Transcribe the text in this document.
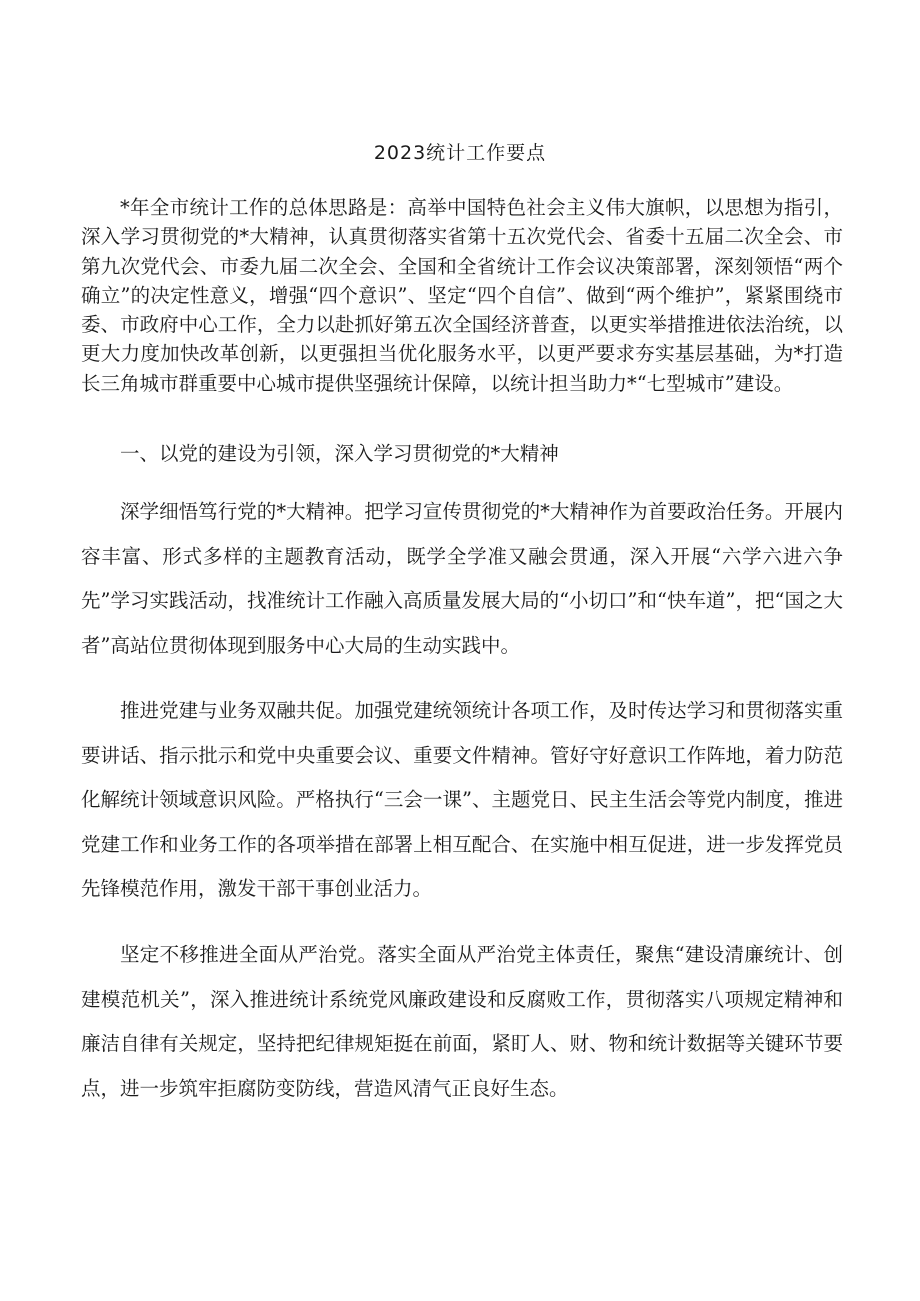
2023统计工作要点

*年全市统计工作的总体思路是：高举中国特色社会主义伟大旗帜，以思想为指引，深入学习贯彻党的*大精神，认真贯彻落实省第十五次党代会、省委十五届二次全会、市第九次党代会、市委九届二次全会、全国和全省统计工作会议决策部署，深刻领悟“两个确立”的决定性意义，增强“四个意识”、坚定“四个自信”、做到“两个维护”，紧紧围绕市委、市政府中心工作，全力以赴抓好第五次全国经济普查，以更实举措推进依法治统，以更大力度加快改革创新，以更强担当优化服务水平，以更严要求夯实基层基础，为*打造长三角城市群重要中心城市提供坚强统计保障，以统计担当助力*“七型城市”建设。

一、以党的建设为引领，深入学习贯彻党的*大精神

深学细悟笃行党的*大精神。把学习宣传贯彻党的*大精神作为首要政治任务。开展内容丰富、形式多样的主题教育活动，既学全学准又融会贯通，深入开展“六学六进六争先”学习实践活动，找准统计工作融入高质量发展大局的“小切口”和“快车道”，把“国之大者”高站位贯彻体现到服务中心大局的生动实践中。

推进党建与业务双融共促。加强党建统领统计各项工作，及时传达学习和贯彻落实重要讲话、指示批示和党中央重要会议、重要文件精神。管好守好意识工作阵地，着力防范化解统计领域意识风险。严格执行“三会一课”、主题党日、民主生活会等党内制度，推进党建工作和业务工作的各项举措在部署上相互配合、在实施中相互促进，进一步发挥党员先锋模范作用，激发干部干事创业活力。

坚定不移推进全面从严治党。落实全面从严治党主体责任，聚焦“建设清廉统计、创建模范机关”，深入推进统计系统党风廉政建设和反腐败工作，贯彻落实八项规定精神和廉洁自律有关规定，坚持把纪律规矩挺在前面，紧盯人、财、物和统计数据等关键环节要点，进一步筑牢拒腐防变防线，营造风清气正良好生态。
